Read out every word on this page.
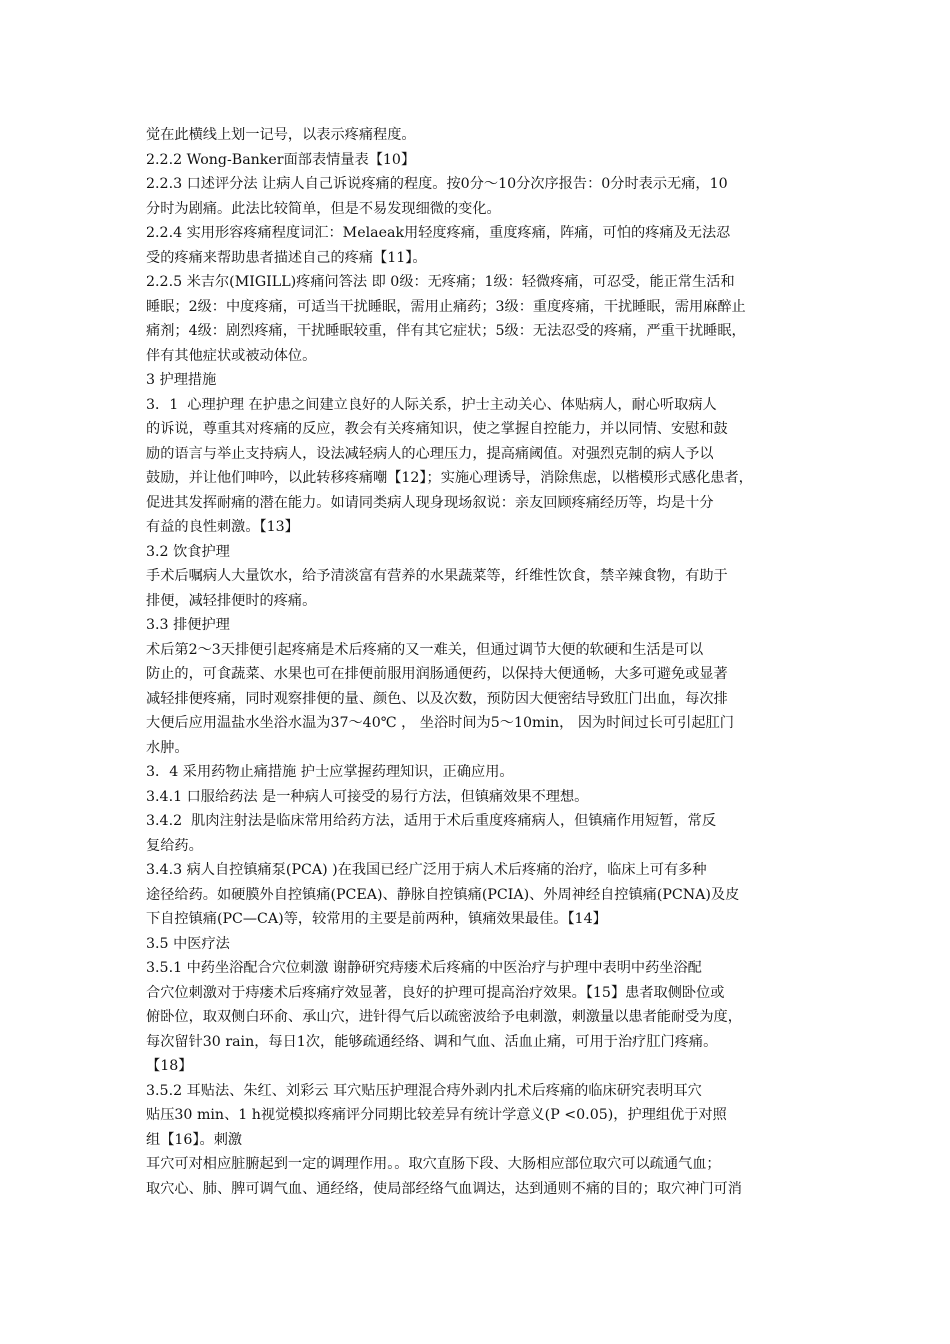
觉在此横线上划一记号，以表示疼痛程度。
2.2.2 Wong-Banker面部表情量表【10】
2.2.3 口述评分法 让病人自己诉说疼痛的程度。按0分～10分次序报告：0分时表示无痛，10
分时为剧痛。此法比较简单，但是不易发现细微的变化。
2.2.4 实用形容疼痛程度词汇：Melaeak用轻度疼痛，重度疼痛，阵痛，可怕的疼痛及无法忍
受的疼痛来帮助患者描述自己的疼痛【11】。
2.2.5 米吉尔(MIGILL)疼痛问答法 即 0级：无疼痛；1级：轻微疼痛，可忍受，能正常生活和
睡眠；2级：中度疼痛，可适当干扰睡眠，需用止痛药；3级：重度疼痛，干扰睡眠，需用麻醉止
痛剂；4级：剧烈疼痛，干扰睡眠较重，伴有其它症状；5级：无法忍受的疼痛，严重干扰睡眠，
伴有其他症状或被动体位。
3 护理措施
3．1  心理护理 在护患之间建立良好的人际关系，护士主动关心、体贴病人，耐心听取病人
的诉说，尊重其对疼痛的反应，教会有关疼痛知识，使之掌握自控能力，并以同情、安慰和鼓
励的语言与举止支持病人，设法减轻病人的心理压力，提高痛阈值。对强烈克制的病人予以
鼓励，并让他们呻吟，以此转移疼痛嘲【12】；实施心理诱导，消除焦虑，以楷模形式感化患者，
促进其发挥耐痛的潜在能力。如请同类病人现身现场叙说：亲友回顾疼痛经历等，均是十分
有益的良性刺激。【13】
3.2 饮食护理
手术后嘱病人大量饮水，给予清淡富有营养的水果蔬菜等，纤维性饮食，禁辛辣食物，有助于
排便，减轻排便时的疼痛。
3.3 排便护理
术后第2～3天排便引起疼痛是术后疼痛的又一难关，但通过调节大便的软硬和生活是可以
防止的，可食蔬菜、水果也可在排便前服用润肠通便药，以保持大便通畅，大多可避免或显著
减轻排便疼痛，同时观察排便的量、颜色、以及次数，预防因大便密结导致肛门出血，每次排
大便后应用温盐水坐浴水温为37～40℃ ， 坐浴时间为5～10min， 因为时间过长可引起肛门
水肿。
3．4 采用药物止痛措施 护士应掌握药理知识，正确应用。
3.4.1 口服给药法 是一种病人可接受的易行方法，但镇痛效果不理想。
3.4.2  肌肉注射法是临床常用给药方法，适用于术后重度疼痛病人，但镇痛作用短暂，常反
复给药。
3.4.3 病人自控镇痛泵(PCA) )在我国已经广泛用于病人术后疼痛的治疗，临床上可有多种
途径给药。如硬膜外自控镇痛(PCEA)、静脉自控镇痛(PCIA)、外周神经自控镇痛(PCNA)及皮
下自控镇痛(PC—CA)等，较常用的主要是前两种，镇痛效果最佳。【14】
3.5 中医疗法
3.5.1 中药坐浴配合穴位刺激 谢静研究痔瘘术后疼痛的中医治疗与护理中表明中药坐浴配
合穴位刺激对于痔瘘术后疼痛疗效显著，良好的护理可提高治疗效果。【15】患者取侧卧位或
俯卧位，取双侧白环俞、承山穴，进针得气后以疏密波给予电刺激，刺激量以患者能耐受为度，
每次留针30 rain，每日1次，能够疏通经络、调和气血、活血止痛，可用于治疗肛门疼痛。
【18】
3.5.2 耳贴法、朱红、刘彩云 耳穴贴压护理混合痔外剥内扎术后疼痛的临床研究表明耳穴
贴压30 min、1 h视觉模拟疼痛评分同期比较差异有统计学意义(P <0.05)，护理组优于对照
组【16】。刺激
耳穴可对相应脏腑起到一定的调理作用。。取穴直肠下段、大肠相应部位取穴可以疏通气血；
取穴心、肺、脾可调气血、通经络，使局部经络气血调达，达到通则不痛的目的；取穴神门可消
